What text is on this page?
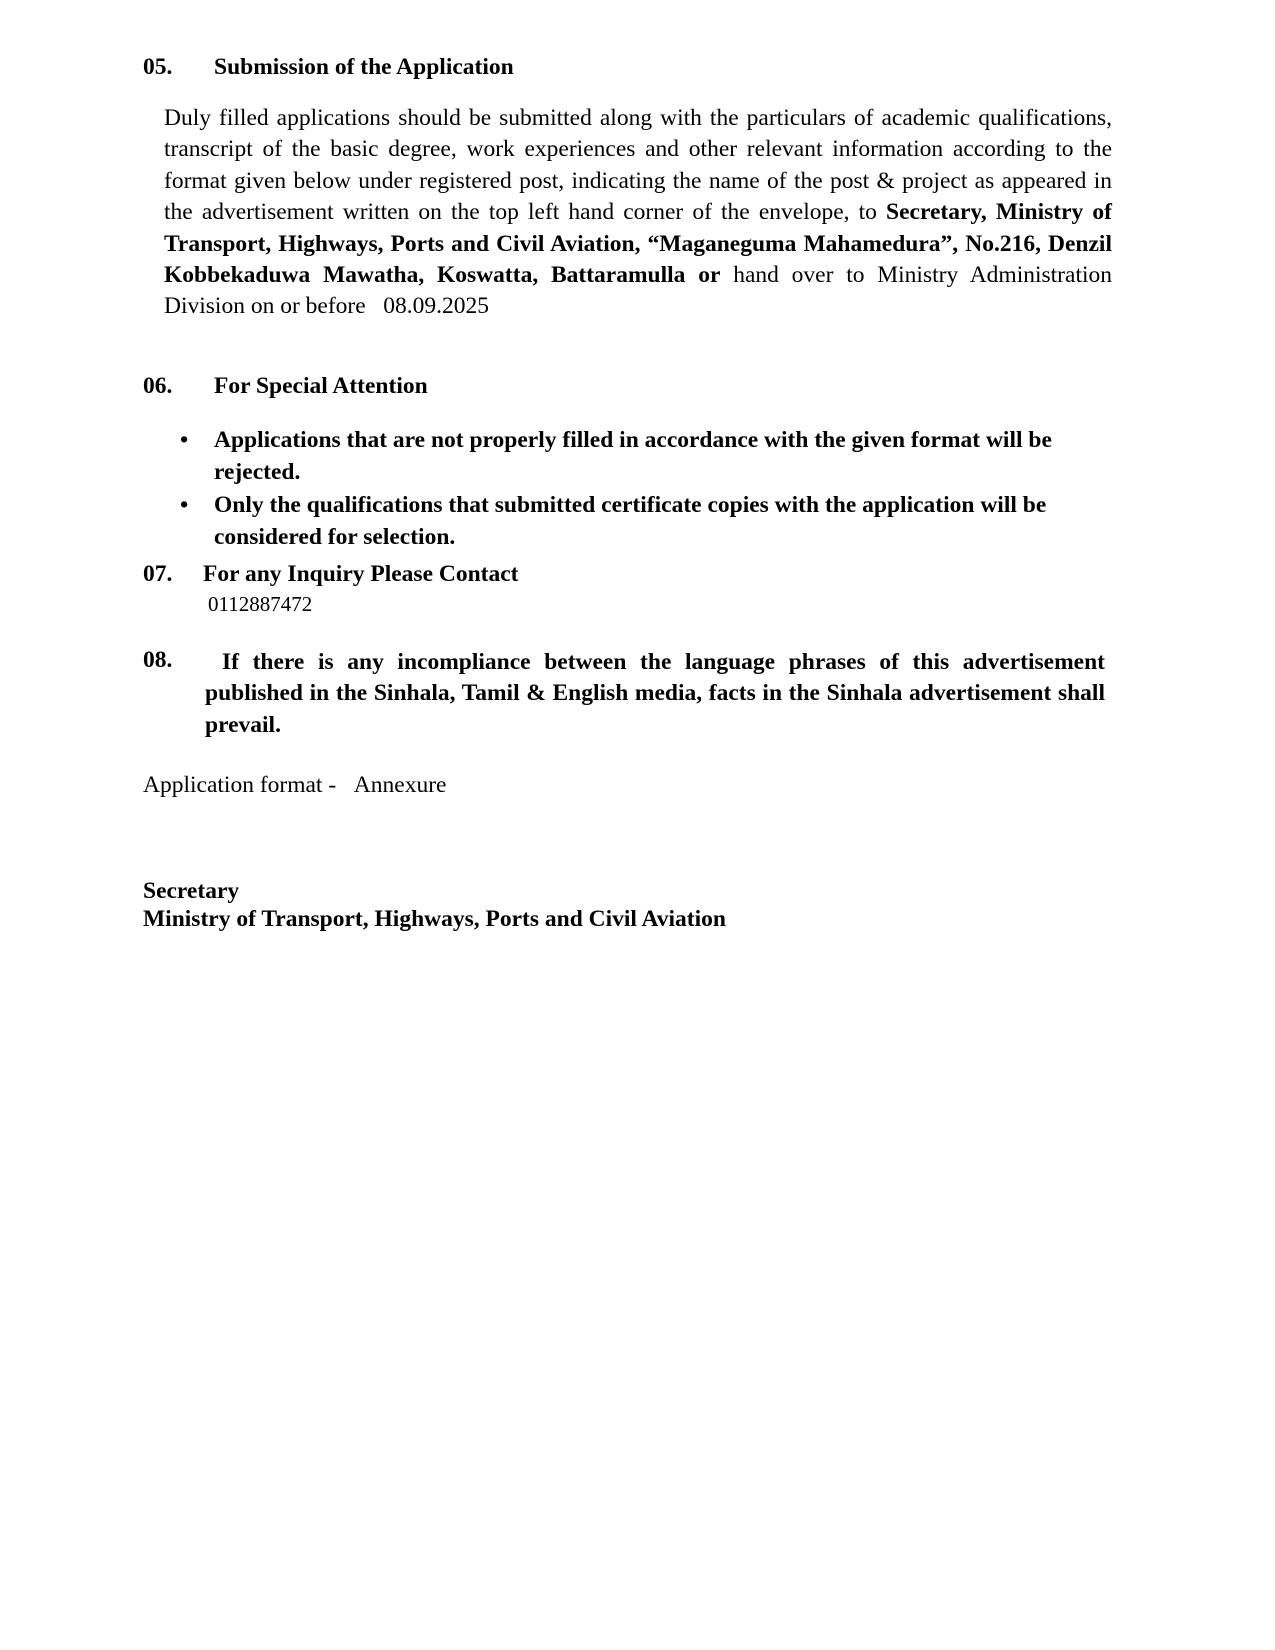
05. Submission of the Application
Duly filled applications should be submitted along with the particulars of academic qualifications, transcript of the basic degree, work experiences and other relevant information according to the format given below under registered post, indicating the name of the post & project as appeared in the advertisement written on the top left hand corner of the envelope, to Secretary, Ministry of Transport, Highways, Ports and Civil Aviation, “Maganeguma Mahamedura”, No.216, Denzil Kobbekaduwa Mawatha, Koswatta, Battaramulla or hand over to Ministry Administration Division on or before   08.09.2025
06. For Special Attention
• Applications that are not properly filled in accordance with the given format will be rejected.
• Only the qualifications that submitted certificate copies with the application will be considered for selection.
07. For any Inquiry Please Contact
0112887472
08.	If there is any incompliance between the language phrases of this advertisement published in the Sinhala, Tamil & English media, facts in the Sinhala advertisement shall prevail.
Application format - Annexure
Secretary
Ministry of Transport, Highways, Ports and Civil Aviation
